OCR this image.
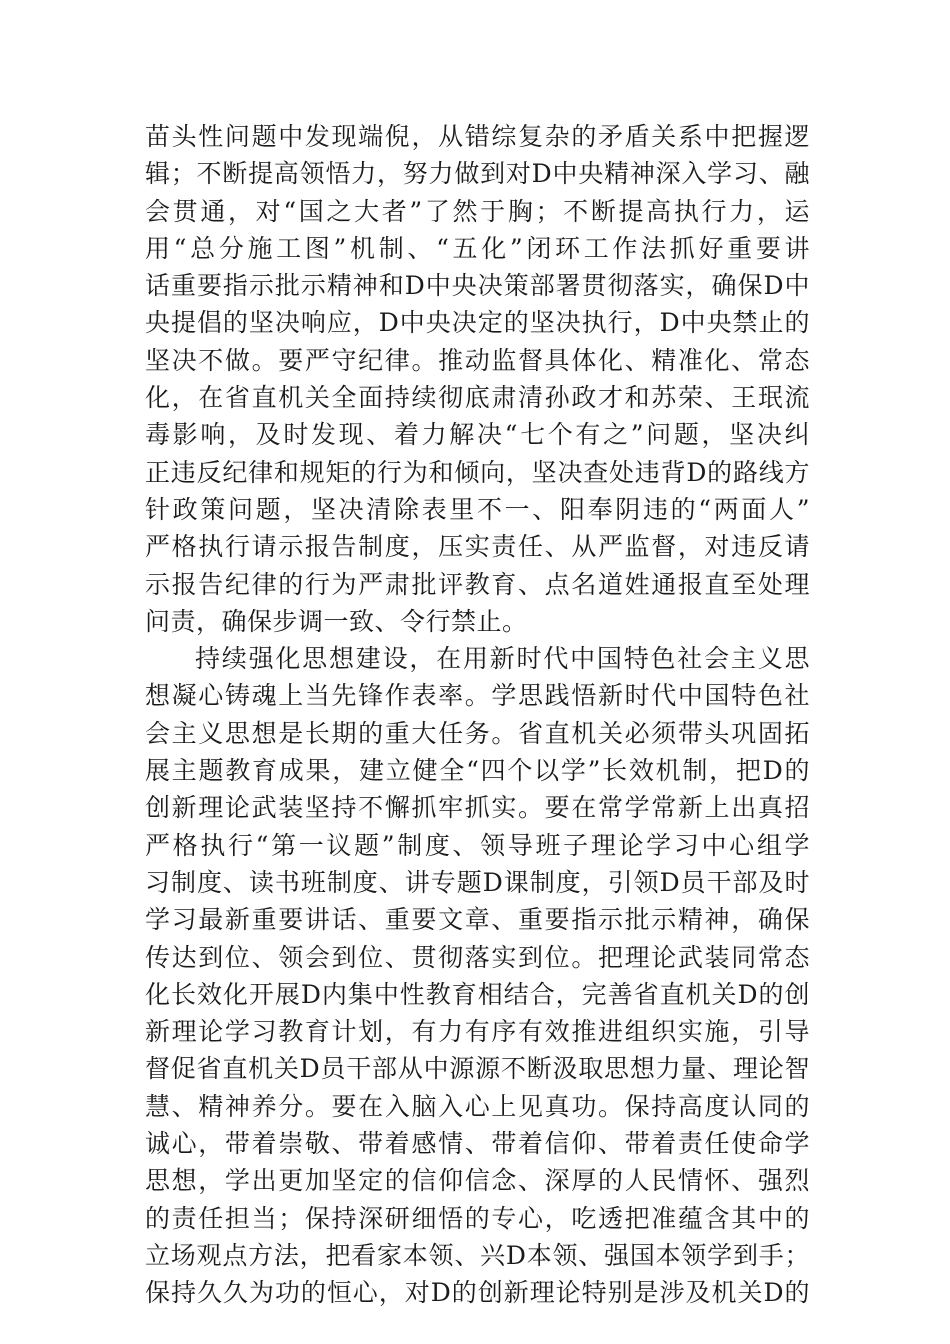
苗头性问题中发现端倪，从错综复杂的矛盾关系中把握逻
辑；不断提高领悟力，努力做到对D中央精神深入学习、融
会贯通，对“国之大者”了然于胸；不断提高执行力，运
用“总分施工图”机制、“五化”闭环工作法抓好重要讲
话重要指示批示精神和D中央决策部署贯彻落实，确保D中
央提倡的坚决响应，D中央决定的坚决执行，D中央禁止的
坚决不做。要严守纪律。推动监督具体化、精准化、常态
化，在省直机关全面持续彻底肃清孙政才和苏荣、王珉流
毒影响，及时发现、着力解决“七个有之”问题，坚决纠
正违反纪律和规矩的行为和倾向，坚决查处违背D的路线方
针政策问题，坚决清除表里不一、阳奉阴违的“两面人”
严格执行请示报告制度，压实责任、从严监督，对违反请
示报告纪律的行为严肃批评教育、点名道姓通报直至处理
问责，确保步调一致、令行禁止。
持续强化思想建设，在用新时代中国特色社会主义思
想凝心铸魂上当先锋作表率。学思践悟新时代中国特色社
会主义思想是长期的重大任务。省直机关必须带头巩固拓
展主题教育成果，建立健全“四个以学”长效机制，把D的
创新理论武装坚持不懈抓牢抓实。要在常学常新上出真招
严格执行“第一议题”制度、领导班子理论学习中心组学
习制度、读书班制度、讲专题D课制度，引领D员干部及时
学习最新重要讲话、重要文章、重要指示批示精神，确保
传达到位、领会到位、贯彻落实到位。把理论武装同常态
化长效化开展D内集中性教育相结合，完善省直机关D的创
新理论学习教育计划，有力有序有效推进组织实施，引导
督促省直机关D员干部从中源源不断汲取思想力量、理论智
慧、精神养分。要在入脑入心上见真功。保持高度认同的
诚心，带着崇敬、带着感情、带着信仰、带着责任使命学
思想，学出更加坚定的信仰信念、深厚的人民情怀、强烈
的责任担当；保持深研细悟的专心，吃透把准蕴含其中的
立场观点方法，把看家本领、兴D本领、强国本领学到手；
保持久久为功的恒心，对D的创新理论特别是涉及机关D的
